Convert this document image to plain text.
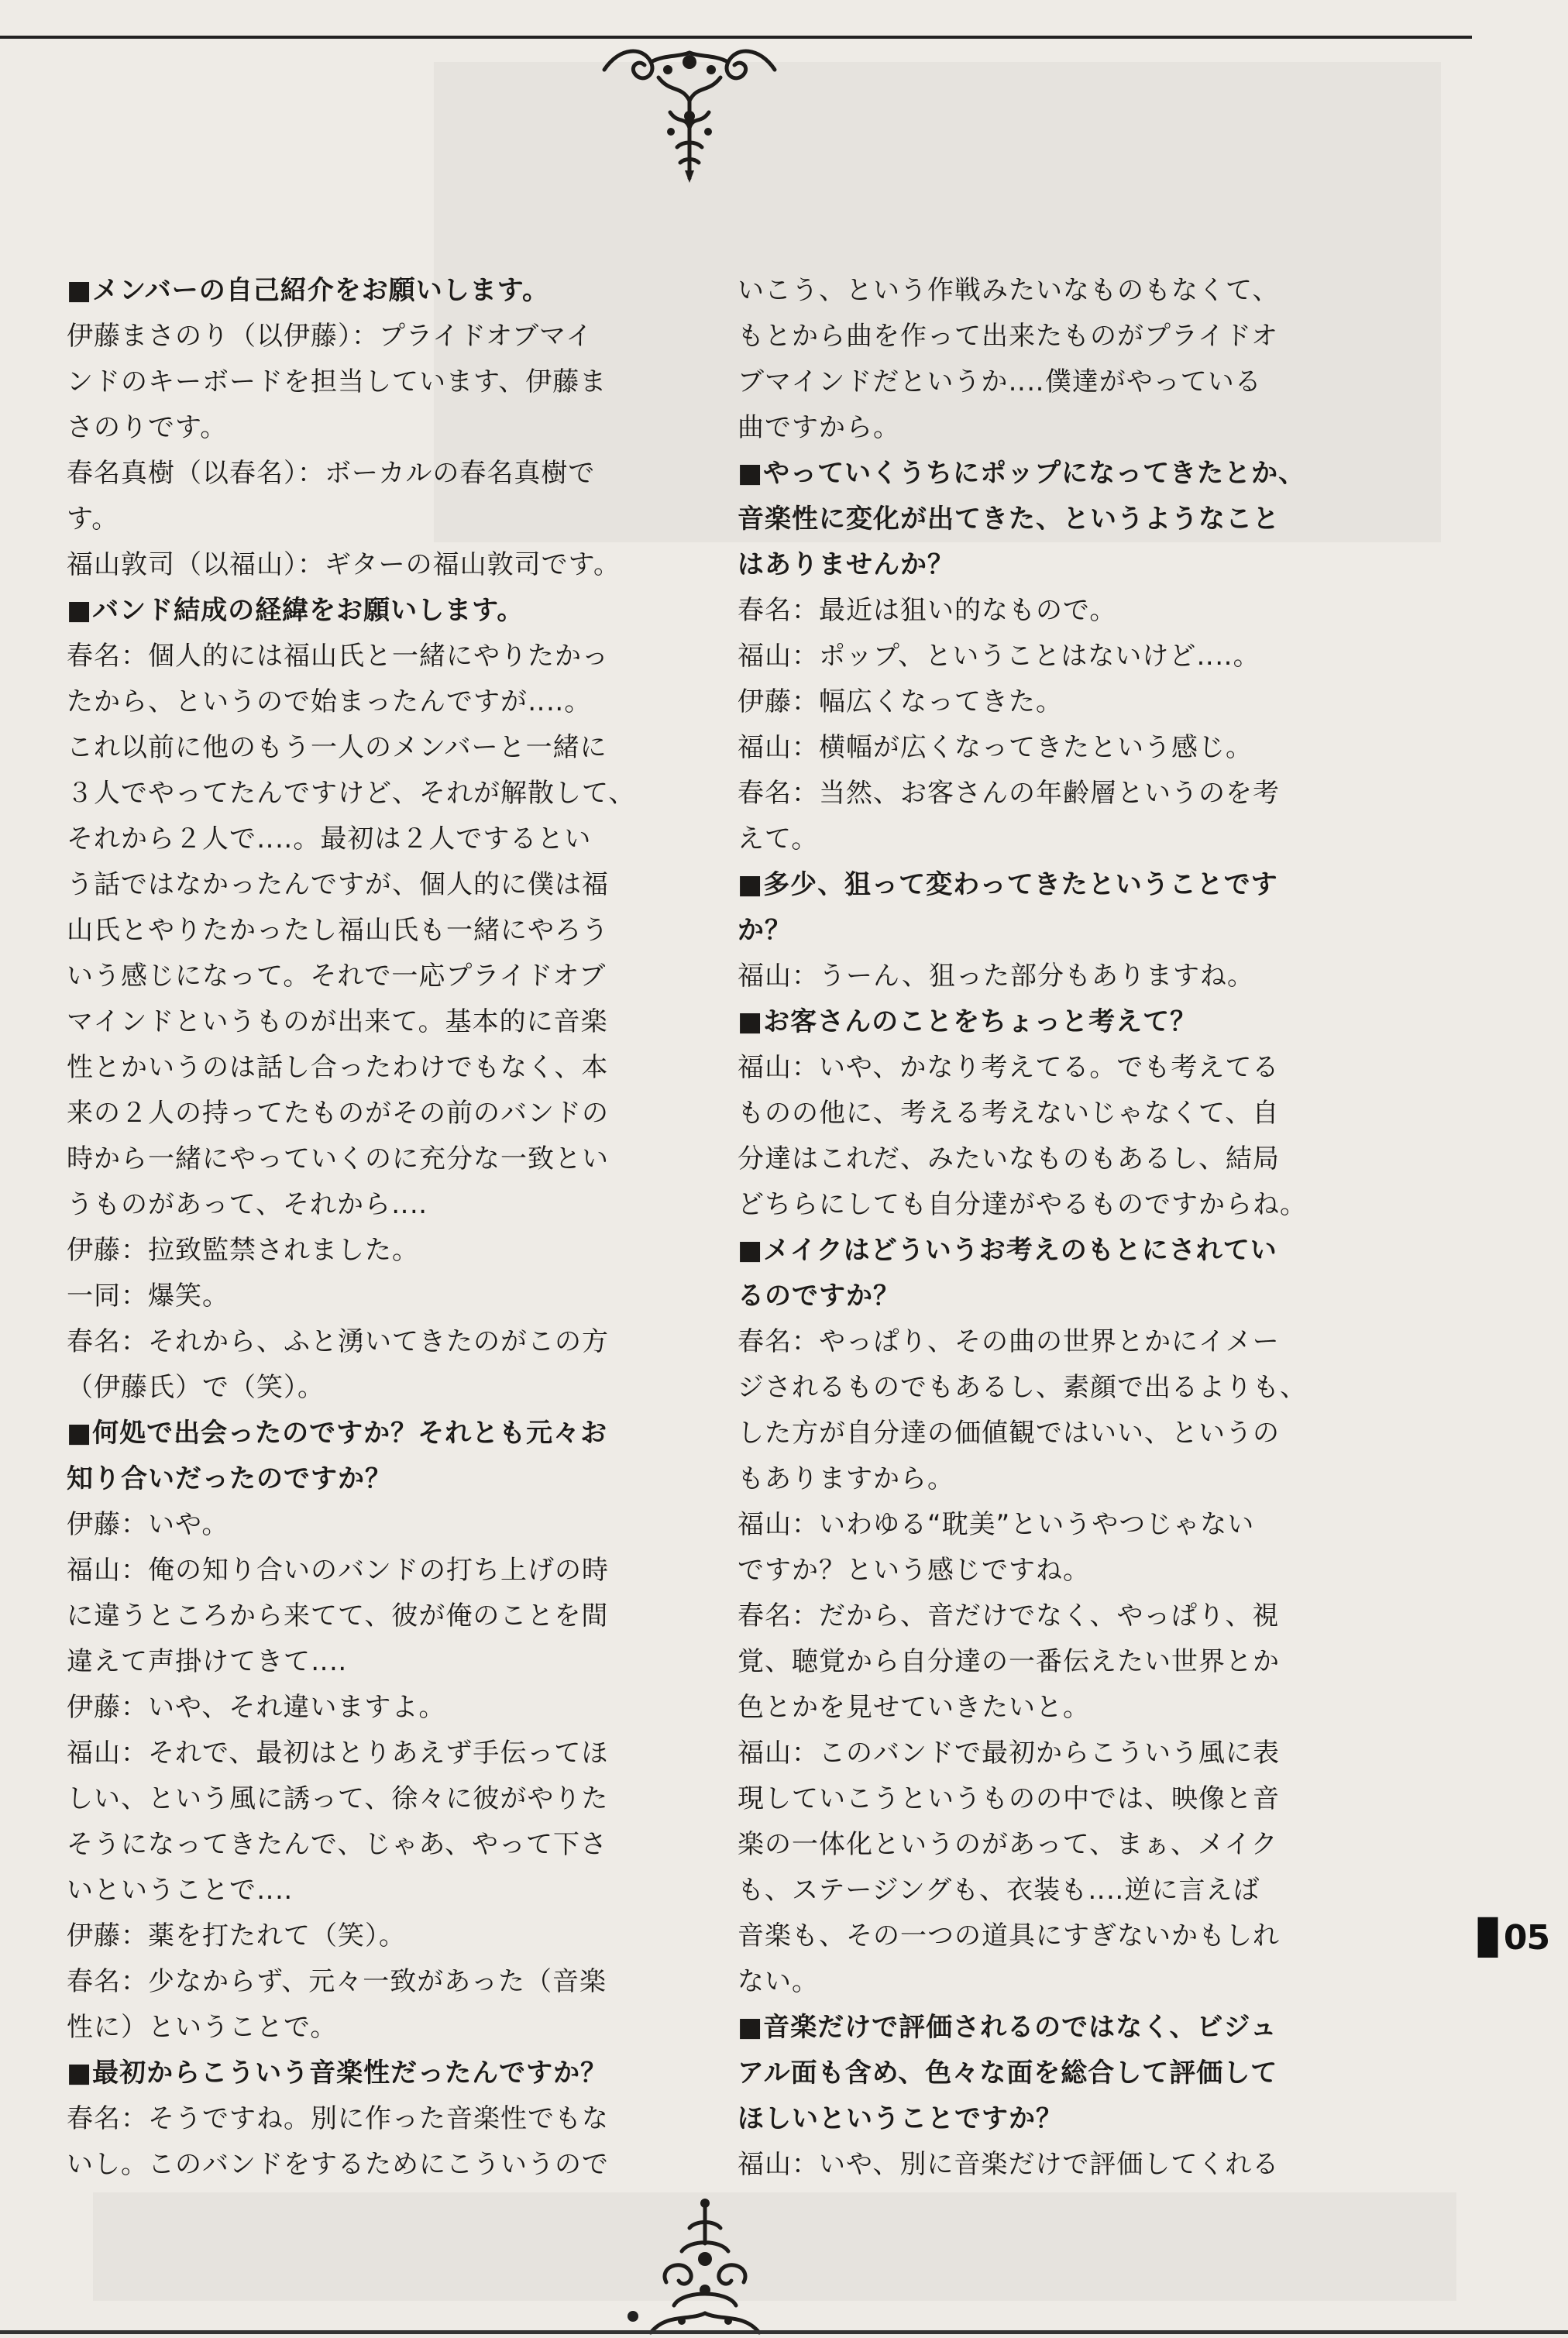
■メンバーの自己紹介をお願いします。
伊藤まさのり（以伊藤）：プライドオブマイ
ンドのキーボードを担当しています、伊藤ま
さのりです。
春名真樹（以春名）：ボーカルの春名真樹で
す。
福山敦司（以福山）：ギターの福山敦司です。
■バンド結成の経緯をお願いします。
春名：個人的には福山氏と一緒にやりたかっ
たから、というので始まったんですが‥‥。
これ以前に他のもう一人のメンバーと一緒に
３人でやってたんですけど、それが解散して、
それから２人で‥‥。最初は２人でするとい
う話ではなかったんですが、個人的に僕は福
山氏とやりたかったし福山氏も一緒にやろう
いう感じになって。それで一応プライドオブ
マインドというものが出来て。基本的に音楽
性とかいうのは話し合ったわけでもなく、本
来の２人の持ってたものがその前のバンドの
時から一緒にやっていくのに充分な一致とい
うものがあって、それから‥‥
伊藤：拉致監禁されました。
一同：爆笑。
春名：それから、ふと湧いてきたのがこの方
（伊藤氏）で（笑）。
■何処で出会ったのですか？それとも元々お
知り合いだったのですか？
伊藤：いや。
福山：俺の知り合いのバンドの打ち上げの時
に違うところから来てて、彼が俺のことを間
違えて声掛けてきて‥‥
伊藤：いや、それ違いますよ。
福山：それで、最初はとりあえず手伝ってほ
しい、という風に誘って、徐々に彼がやりた
そうになってきたんで、じゃあ、やって下さ
いということで‥‥
伊藤：薬を打たれて（笑）。
春名：少なからず、元々一致があった（音楽
性に）ということで。
■最初からこういう音楽性だったんですか？
春名：そうですね。別に作った音楽性でもな
いし。このバンドをするためにこういうので
いこう、という作戦みたいなものもなくて、
もとから曲を作って出来たものがプライドオ
ブマインドだというか‥‥僕達がやっている
曲ですから。
■やっていくうちにポップになってきたとか、
音楽性に変化が出てきた、というようなこと
はありませんか？
春名：最近は狙い的なもので。
福山：ポップ、ということはないけど‥‥。
伊藤：幅広くなってきた。
福山：横幅が広くなってきたという感じ。
春名：当然、お客さんの年齢層というのを考
えて。
■多少、狙って変わってきたということです
か？
福山：うーん、狙った部分もありますね。
■お客さんのことをちょっと考えて？
福山：いや、かなり考えてる。でも考えてる
ものの他に、考える考えないじゃなくて、自
分達はこれだ、みたいなものもあるし、結局
どちらにしても自分達がやるものですからね。
■メイクはどういうお考えのもとにされてい
るのですか？
春名：やっぱり、その曲の世界とかにイメー
ジされるものでもあるし、素顔で出るよりも、
した方が自分達の価値観ではいい、というの
もありますから。
福山：いわゆる“耽美”というやつじゃない
ですか？という感じですね。
春名：だから、音だけでなく、やっぱり、視
覚、聴覚から自分達の一番伝えたい世界とか
色とかを見せていきたいと。
福山：このバンドで最初からこういう風に表
現していこうというものの中では、映像と音
楽の一体化というのがあって、まぁ、メイク
も、ステージングも、衣装も‥‥逆に言えば
音楽も、その一つの道具にすぎないかもしれ
ない。
■音楽だけで評価されるのではなく、ビジュ
アル面も含め、色々な面を総合して評価して
ほしいということですか？
福山：いや、別に音楽だけで評価してくれる
▊05
